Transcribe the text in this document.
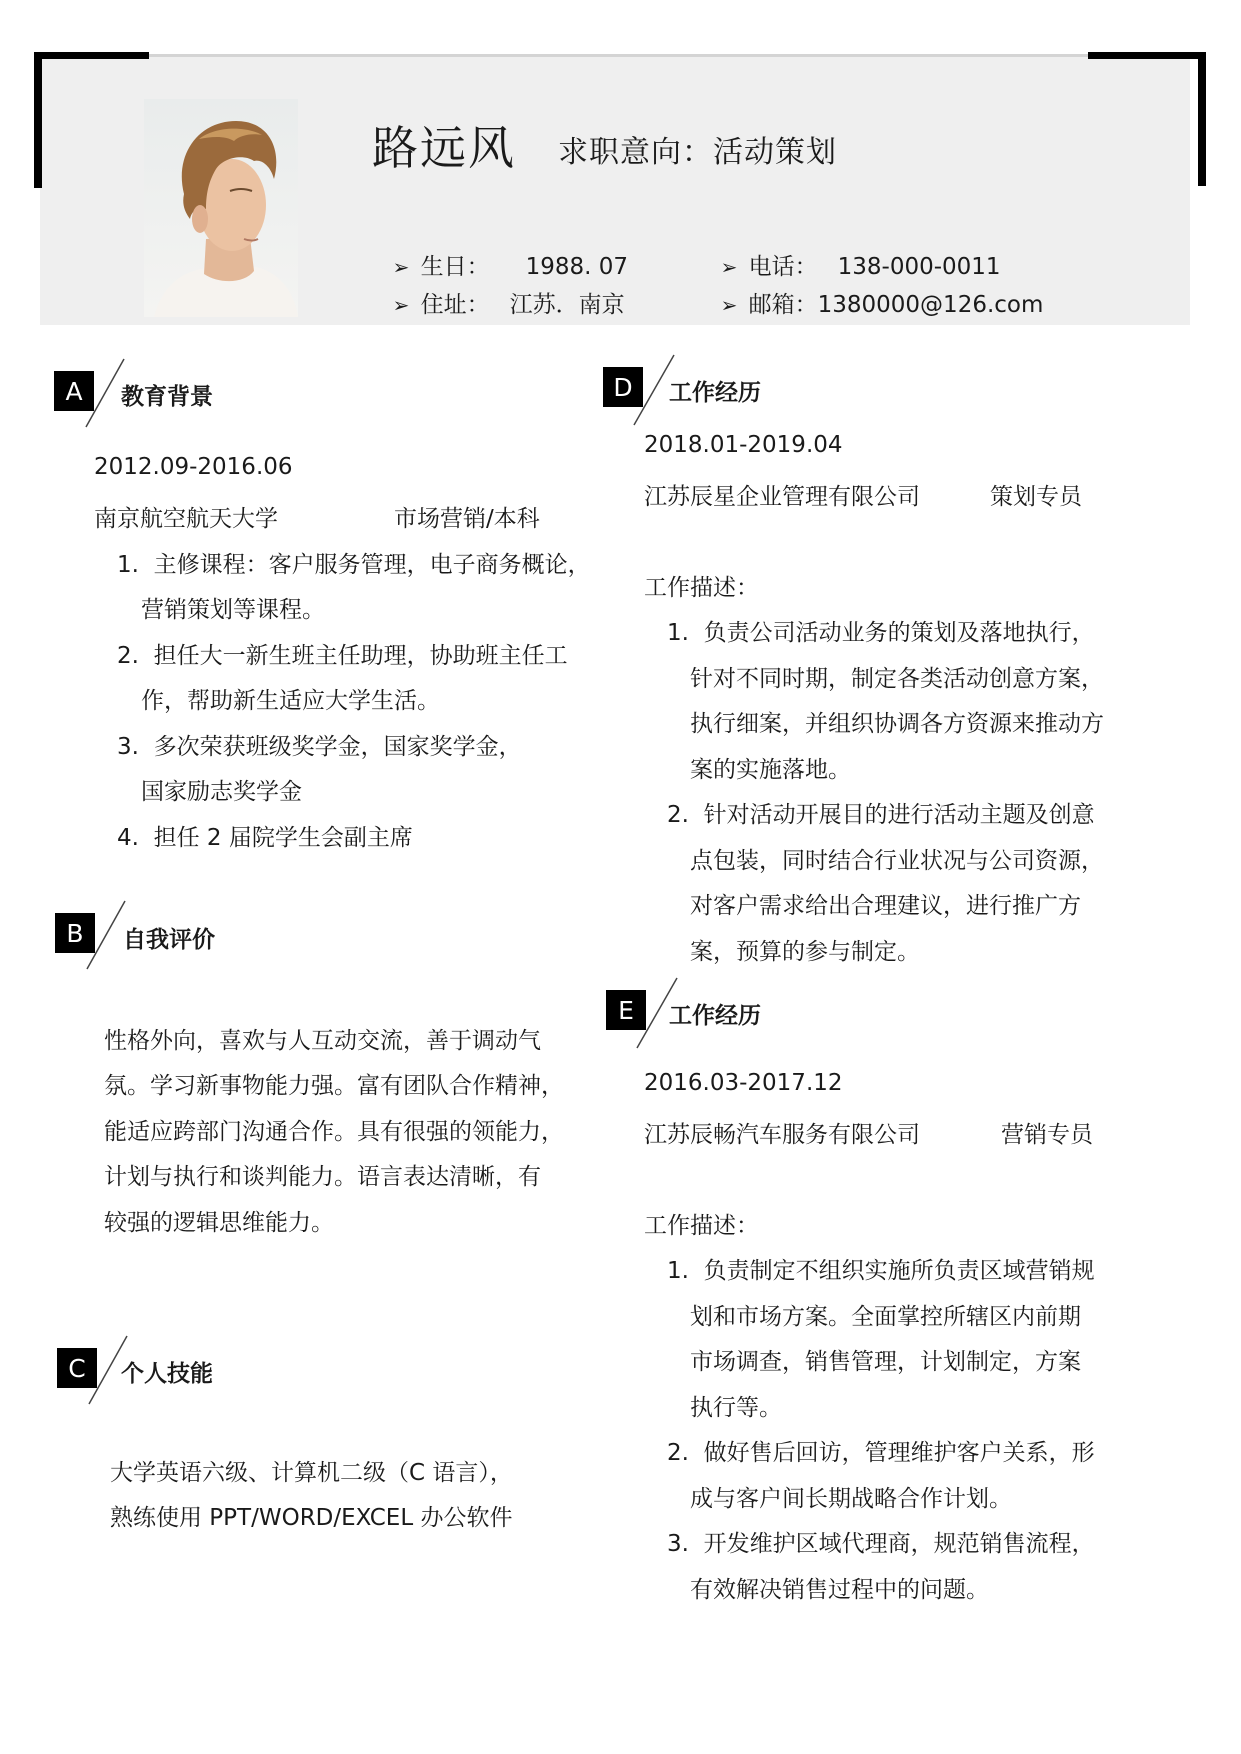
路远风 求职意向：活动策划

➢ 生日： 1988. 07

➢ 住址： 江苏．南京

➢ 电话： 138-000-0011

➢ 邮箱：1380000@126.com

A	教育背景
2012.09-2016.06
南京航空航天大学	市场营销/本科
1.  主修课程：客户服务管理，电子商务概论，
营销策划等课程。
2.  担任大一新生班主任助理，协助班主任工
作，帮助新生适应大学生活。
3.  多次荣获班级奖学金，国家奖学金，
国家励志奖学金
4.  担任 2 届院学生会副主席
B	自我评价
性格外向，喜欢与人互动交流，善于调动气
氛。学习新事物能力强。富有团队合作精神，
能适应跨部门沟通合作。具有很强的领能力，
计划与执行和谈判能力。语言表达清晰，有
较强的逻辑思维能力。
C	个人技能
大学英语六级、计算机二级（C 语言），
熟练使用 PPT/WORD/EXCEL 办公软件
D	工作经历
2018.01-2019.04
江苏辰星企业管理有限公司	策划专员
工作描述：
1.  负责公司活动业务的策划及落地执行，
针对不同时期，制定各类活动创意方案，
执行细案，并组织协调各方资源来推动方
案的实施落地。
2.  针对活动开展目的进行活动主题及创意
点包装，同时结合行业状况与公司资源，
对客户需求给出合理建议，进行推广方
案，预算的参与制定。
E	工作经历
2016.03-2017.12
江苏辰畅汽车服务有限公司	营销专员
工作描述：
1.  负责制定不组织实施所负责区域营销规
划和市场方案。全面掌控所辖区内前期
市场调查，销售管理，计划制定，方案
执行等。
2.  做好售后回访，管理维护客户关系，形
成与客户间长期战略合作计划。
3.  开发维护区域代理商，规范销售流程，
有效解决销售过程中的问题。
